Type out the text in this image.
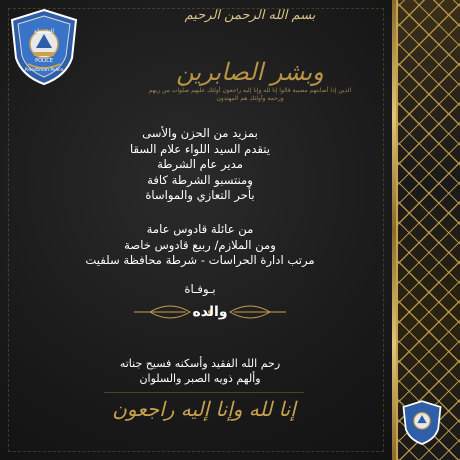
الشرطة
POLICE
Palestinian Police
بسم الله الرحمن الرحيم
وبشر الصابرين
الذين إذا أصابتهم مصيبة قالوا إنا لله وإنا إليه راجعون أولئك عليهم صلوات من ربهم ورحمة وأولئك هم المهتدون
بمزيد من الحزن والأسى
يتقدم السيد اللواء علام السقا
مدير عام الشرطة
ومنتسبو الشرطة كافة
بأحر التعازي والمواساة
من عائلة قادوس عامة
ومن الملازم/ ربيع قادوس خاصة
مرتب ادارة الحراسات - شرطة محافظة سلفيت
بـوفـاة
والده
رحم الله الفقيد وأسكنه فسيح جناته
وألهم ذويه الصبر والسلوان
إنا لله وإنا إليه راجعون
